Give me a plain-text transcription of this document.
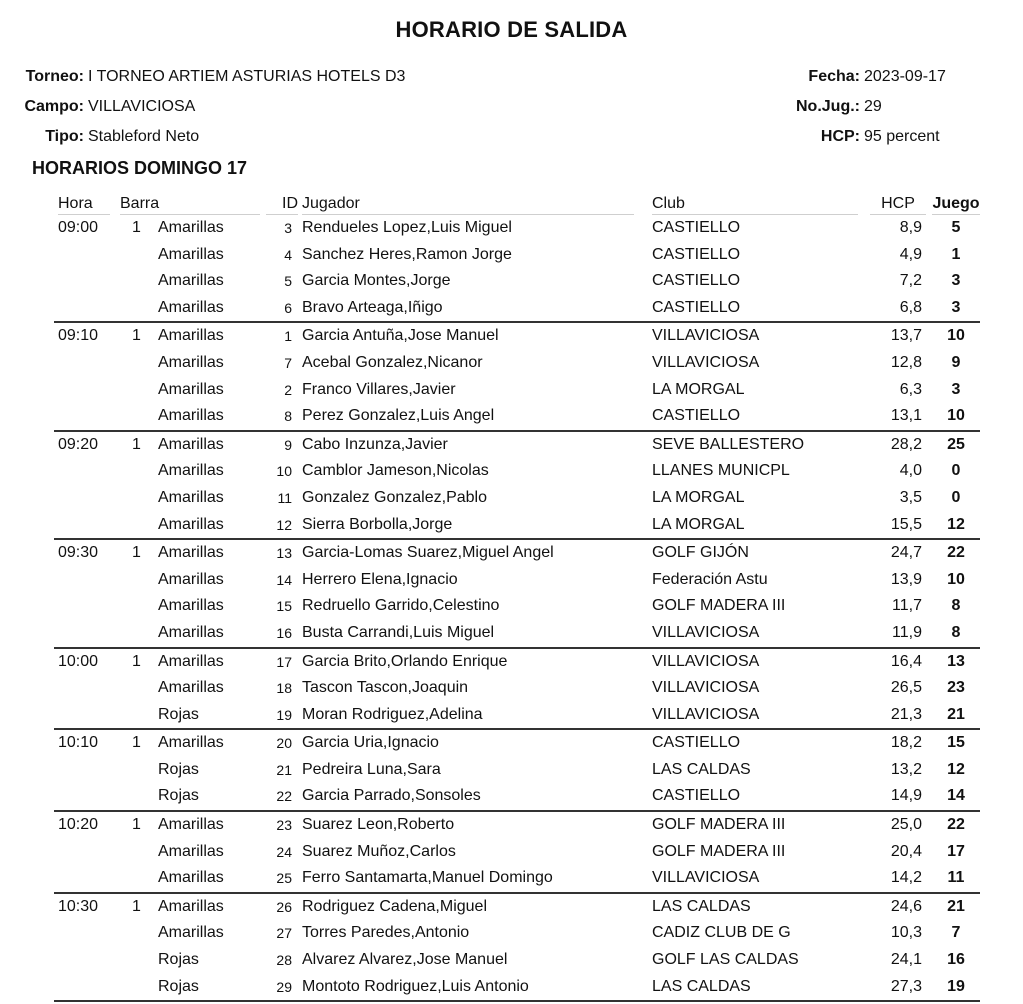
HORARIO DE SALIDA
Torneo: I TORNEO ARTIEM ASTURIAS HOTELS D3
Campo: VILLAVICIOSA
Tipo: Stableford Neto
Fecha: 2023-09-17
No.Jug.: 29
HCP: 95 percent
HORARIOS DOMINGO 17
Hora	Barra		ID	Jugador	Club	HCP	Juego

09:00	1	Amarillas	3	Rendueles Lopez,Luis Miguel	CASTIELLO	8,9	5
		Amarillas	4	Sanchez Heres,Ramon Jorge	CASTIELLO	4,9	1
		Amarillas	5	Garcia Montes,Jorge	CASTIELLO	7,2	3
		Amarillas	6	Bravo Arteaga,Iñigo	CASTIELLO	6,8	3
09:10	1	Amarillas	1	Garcia Antuña,Jose Manuel	VILLAVICIOSA	13,7	10
		Amarillas	7	Acebal Gonzalez,Nicanor	VILLAVICIOSA	12,8	9
		Amarillas	2	Franco Villares,Javier	LA MORGAL	6,3	3
		Amarillas	8	Perez Gonzalez,Luis Angel	CASTIELLO	13,1	10
09:20	1	Amarillas	9	Cabo Inzunza,Javier	SEVE BALLESTERO	28,2	25
		Amarillas	10	Camblor Jameson,Nicolas	LLANES MUNICPL	4,0	0
		Amarillas	11	Gonzalez Gonzalez,Pablo	LA MORGAL	3,5	0
		Amarillas	12	Sierra Borbolla,Jorge	LA MORGAL	15,5	12
09:30	1	Amarillas	13	Garcia-Lomas Suarez,Miguel Angel	GOLF GIJÓN	24,7	22
		Amarillas	14	Herrero Elena,Ignacio	Federación Astu	13,9	10
		Amarillas	15	Redruello Garrido,Celestino	GOLF MADERA III	11,7	8
		Amarillas	16	Busta Carrandi,Luis Miguel	VILLAVICIOSA	11,9	8
10:00	1	Amarillas	17	Garcia Brito,Orlando Enrique	VILLAVICIOSA	16,4	13
		Amarillas	18	Tascon Tascon,Joaquin	VILLAVICIOSA	26,5	23
		Rojas	19	Moran Rodriguez,Adelina	VILLAVICIOSA	21,3	21
10:10	1	Amarillas	20	Garcia Uria,Ignacio	CASTIELLO	18,2	15
		Rojas	21	Pedreira Luna,Sara	LAS CALDAS	13,2	12
		Rojas	22	Garcia Parrado,Sonsoles	CASTIELLO	14,9	14
10:20	1	Amarillas	23	Suarez Leon,Roberto	GOLF MADERA III	25,0	22
		Amarillas	24	Suarez Muñoz,Carlos	GOLF MADERA III	20,4	17
		Amarillas	25	Ferro Santamarta,Manuel Domingo	VILLAVICIOSA	14,2	11
10:30	1	Amarillas	26	Rodriguez Cadena,Miguel	LAS CALDAS	24,6	21
		Amarillas	27	Torres Paredes,Antonio	CADIZ CLUB DE G	10,3	7
		Rojas	28	Alvarez Alvarez,Jose Manuel	GOLF LAS CALDAS	24,1	16
		Rojas	29	Montoto Rodriguez,Luis Antonio	LAS CALDAS	27,3	19
